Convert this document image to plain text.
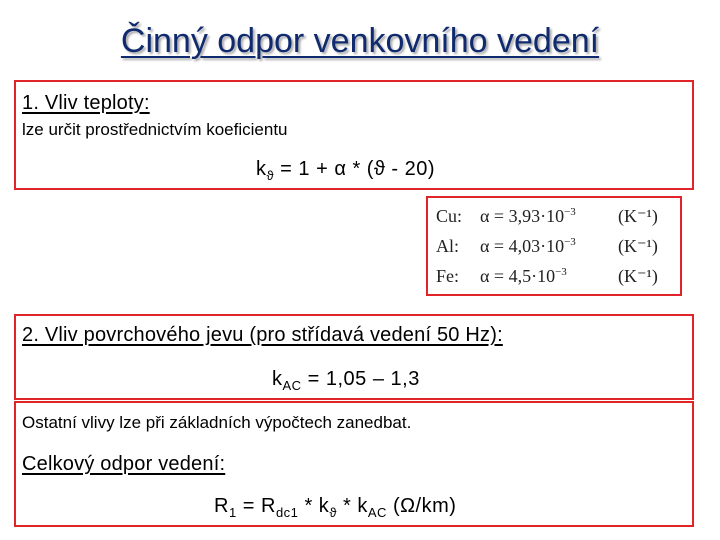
Činný odpor venkovního vedení
1. Vliv teploty:
lze určit prostřednictvím koeficientu
$k_ϑ = 1 + \alpha * (ϑ - 20)$
Cu: $\alpha = 3,93\cdot 10^{-3}$ (K⁻¹)
Al: $\alpha = 4,03\cdot 10^{-3}$ (K⁻¹)
Fe: $\alpha = 4,5\cdot 10^{-3}$	(K⁻¹)
2. Vliv povrchového jevu (pro střídavá vedení 50 Hz):
$k_{AC} = 1,05 - 1,3$
Ostatní vlivy lze při základních výpočtech zanedbat.
Celkový odpor vedení:
$R_1 = R_{dc1} * k_ϑ * k_{AC}$ (Ω/km)
